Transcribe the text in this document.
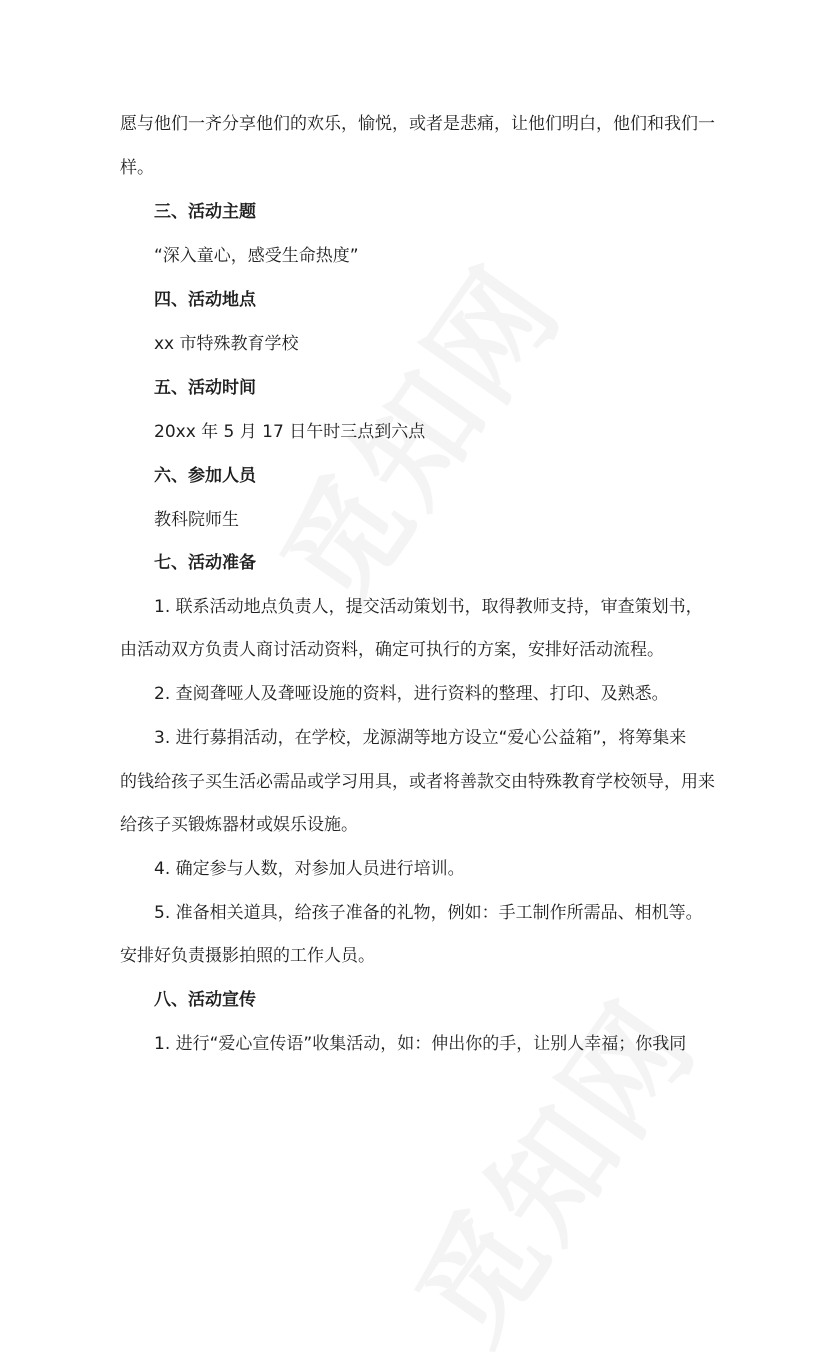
愿与他们一齐分享他们的欢乐，愉悦，或者是悲痛，让他们明白，他们和我们一
样。
三、活动主题
“深入童心，感受生命热度”
四、活动地点
xx 市特殊教育学校
五、活动时间
20xx 年 5 月 17 日午时三点到六点
六、参加人员
教科院师生
七、活动准备
1. 联系活动地点负责人，提交活动策划书，取得教师支持，审查策划书，
由活动双方负责人商讨活动资料，确定可执行的方案，安排好活动流程。
2. 查阅聋哑人及聋哑设施的资料，进行资料的整理、打印、及熟悉。
3. 进行募捐活动，在学校，龙源湖等地方设立“爱心公益箱”，将筹集来
的钱给孩子买生活必需品或学习用具，或者将善款交由特殊教育学校领导，用来
给孩子买锻炼器材或娱乐设施。
4. 确定参与人数，对参加人员进行培训。
5. 准备相关道具，给孩子准备的礼物，例如：手工制作所需品、相机等。
安排好负责摄影拍照的工作人员。
八、活动宣传
1. 进行“爱心宣传语”收集活动，如：伸出你的手，让别人幸福；你我同
